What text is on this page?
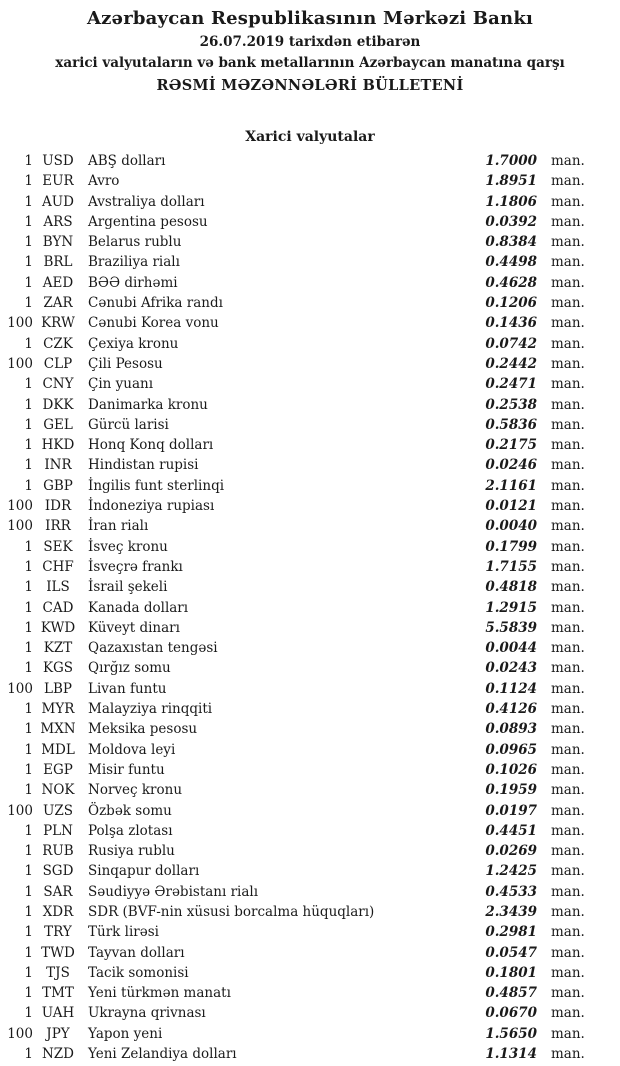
Azərbaycan Respublikasının Mərkəzi Bankı
26.07.2019 tarixdən etibarən
xarici valyutaların və bank metallarının Azərbaycan manatına qarşı
RƏSMİ MƏZƏNNƏLƏRİ BÜLLETENİ
Xarici valyutalar
1 USD	ABŞ dolları	1.7000 man.
1 EUR	Avro	1.8951 man.
1 AUD	Avstraliya dolları	1.1806 man.
1 ARS	Argentina pesosu	0.0392 man.
1 BYN	Belarus rublu	0.8384 man.
1 BRL	Braziliya rialı	0.4498 man.
1 AED	BƏƏ dirhəmi	0.4628 man.
1 ZAR	Cənubi Afrika randı	0.1206 man.
100 KRW Cənubi Korea vonu	0.1436 man.
1 CZK	Çexiya kronu	0.0742 man.
100 CLP	Çili Pesosu	0.2442 man.
1 CNY	Çin yuanı	0.2471 man.
1 DKK	Danimarka kronu	0.2538 man.
1 GEL	Gürcü larisi	0.5836 man.
1 HKD	Honq Konq dolları	0.2175 man.
1 INR	Hindistan rupisi	0.0246 man.
1 GBP	İngilis funt sterlinqi	2.1161 man.
100 IDR	İndoneziya rupiası	0.0121 man.
100 IRR	İran rialı	0.0040 man.
1 SEK	İsveç kronu	0.1799 man.
1 CHF	İsveçrə frankı	1.7155 man.
1 ILS	İsrail şekeli	0.4818 man.
1 CAD	Kanada dolları	1.2915 man.
1 KWD Küveyt dinarı	5.5839 man.
1 KZT	Qazaxıstan tengəsi	0.0044 man.
1 KGS	Qırğız somu	0.0243 man.
100 LBP	Livan funtu	0.1124 man.
1 MYR	Malayziya rinqqiti	0.4126 man.
1 MXN Meksika pesosu	0.0893 man.
1 MDL Moldova leyi	0.0965 man.
1 EGP	Misir funtu	0.1026 man.
1 NOK	Norveç kronu	0.1959 man.
100 UZS	Özbək somu	0.0197 man.
1 PLN	Polşa zlotası	0.4451 man.
1 RUB	Rusiya rublu	0.0269 man.
1 SGD	Sinqapur dolları	1.2425 man.
1 SAR	Səudiyyə Ərəbistanı rialı	0.4533 man.
1 XDR	SDR (BVF-nin xüsusi borcalma hüquqları)	2.3439 man.
1 TRY	Türk lirəsi	0.2981 man.
1 TWD Tayvan dolları	0.0547 man.
1 TJS	Tacik somonisi	0.1801 man.
1 TMT	Yeni türkmən manatı	0.4857 man.
1 UAH	Ukrayna qrivnası	0.0670 man.
100 JPY	Yapon yeni	1.5650 man.
1 NZD	Yeni Zelandiya dolları	1.1314 man.
